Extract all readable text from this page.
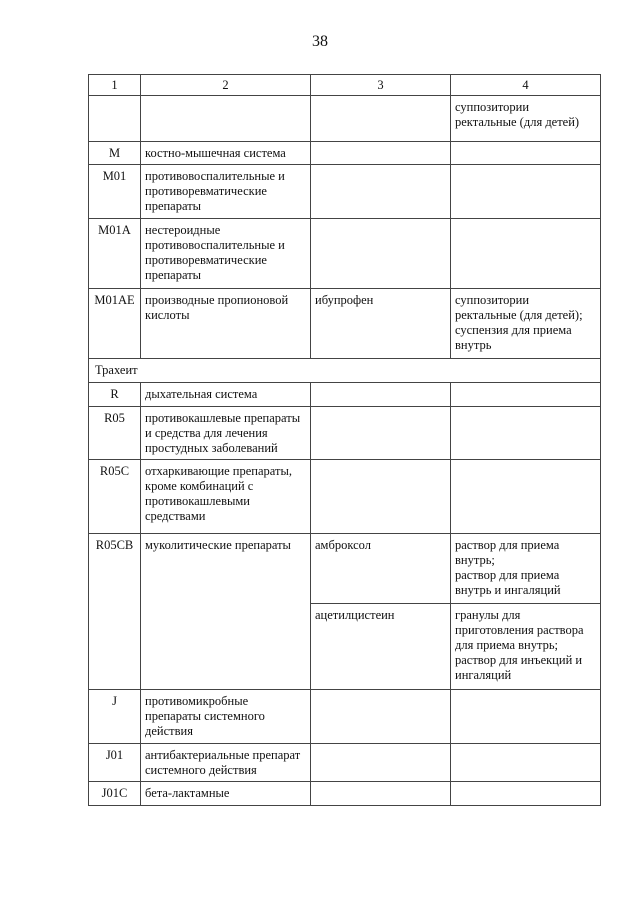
38
1	2	3	4

			суппозитории
ректальные (для детей)

M	костно-мышечная система		

M01	противовоспалительные и
противоревматические
препараты		

M01A	нестероидные
противовоспалительные и
противоревматические
препараты		

M01AE	производные пропионовой
кислоты	ибупрофен	суппозитории
ректальные (для детей);
суспензия для приема
внутрь

Трахеит			
R	дыхательная система		

R05	противокашлевые препараты
и средства для лечения
простудных заболеваний		

R05C	отхаркивающие препараты,
кроме комбинаций с
противокашлевыми
средствами		

R05CB	муколитические препараты	амброксол	раствор для приема
внутрь;
раствор для приема
внутрь и ингаляций

		ацетилцистеин	гранулы для
приготовления раствора
для приема внутрь;
раствор для инъекций и
ингаляций

J	противомикробные
препараты системного
действия		

J01	антибактериальные препарат
системного действия		

J01C	бета-лактамные		
